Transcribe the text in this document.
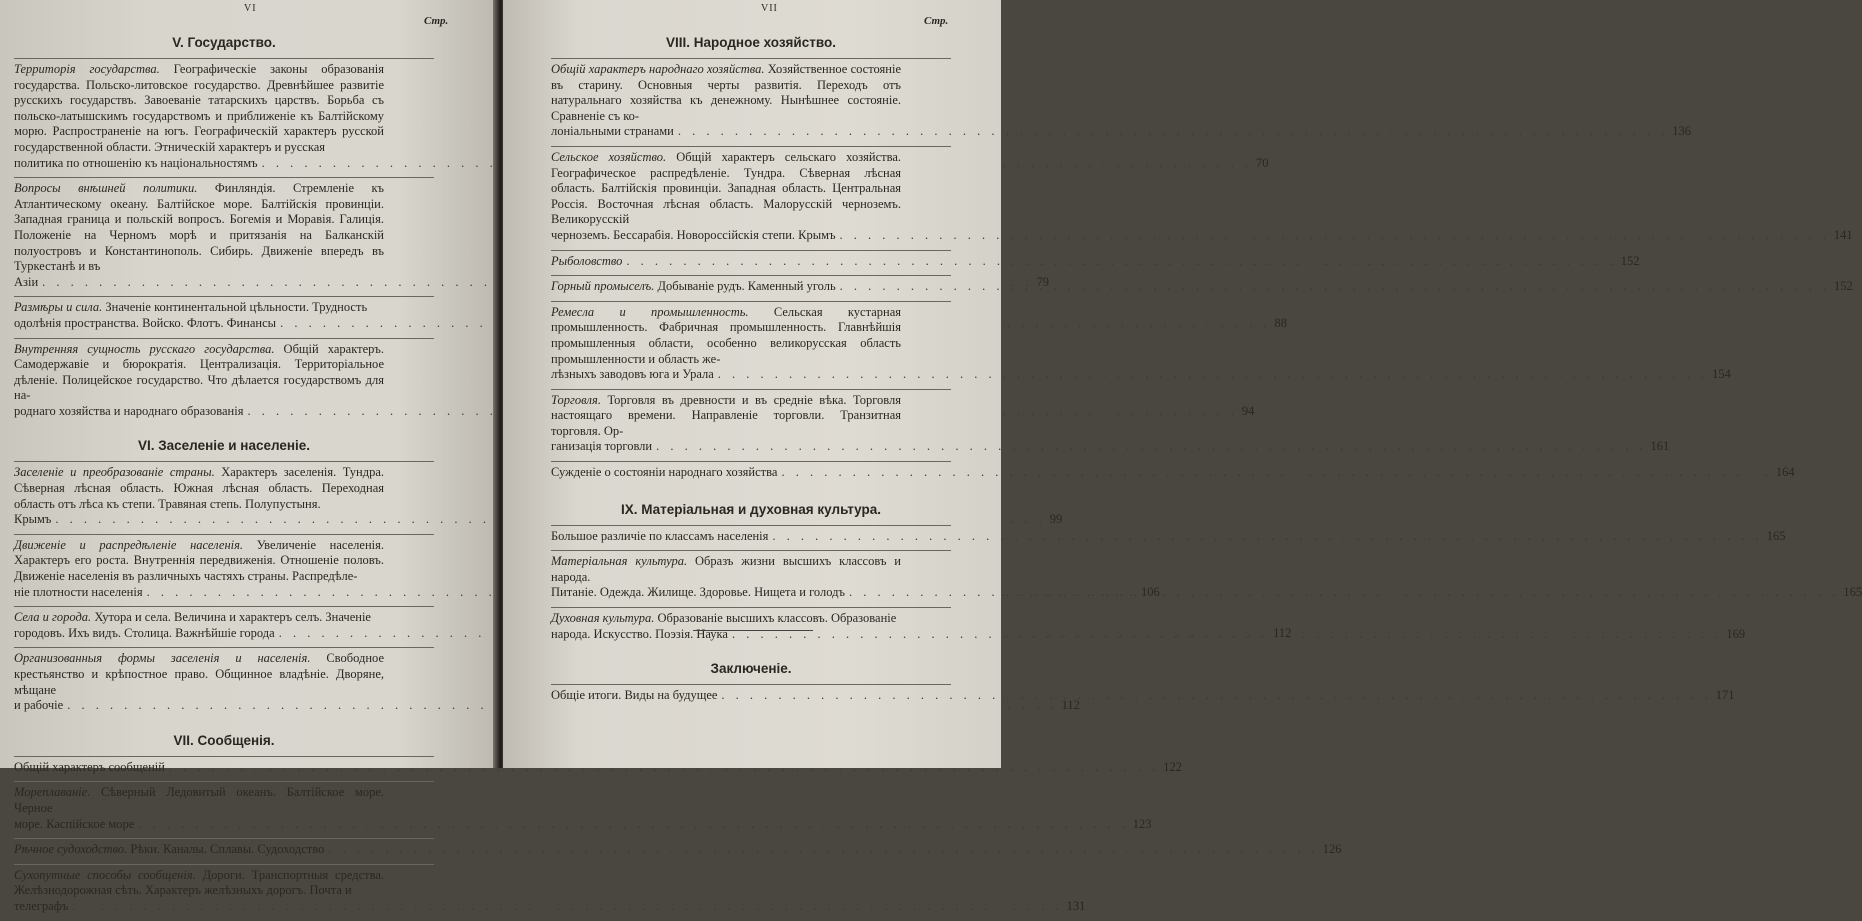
VI
Стр.
V. Государство.
Территорія государства. Географическіе законы образованія государства. Польско-литовское государство. Древнѣйшее развитіе русскихъ государствъ. Завоеваніе татарскихъ царствъ. Борьба съ польско-латышскимъ государствомъ и приближеніе къ Балтійскому морю. Распространеніе на югъ. Географическій характеръ русской государственной области. Этническій характеръ и русская
политика по отношенію къ національностямъ . . .	70
Вопросы внѣшней политики. Финляндія. Стремленіе къ Атлантическому океану. Балтійское море. Балтійскія провинціи. Западная граница и польскій вопросъ. Богемія и Моравія. Галиція. Положеніе на Черномъ морѣ и притязанія на Балканскій полуостровъ и Константинополь. Сибирь. Движеніе впередъ въ Туркестанѣ и въ
Азіи . . .	79
Размѣры и сила. Значеніе континентальной цѣльности. Трудность
одолѣнія пространства. Войско. Флотъ. Финансы . . .	88
Внутренняя сущность русскаго государства. Общій характеръ. Самодержавіе и бюрократія. Централизація. Территоріальное дѣленіе. Полицейское государство. Что дѣлается государствомъ для на-
роднаго хозяйства и народнаго образованія . . .	94
VI. Заселеніе и населеніе.
Заселеніе и преобразованіе страны. Характеръ заселенія. Тундра. Сѣверная лѣсная область. Южная лѣсная область. Переходная область отъ лѣса къ степи. Травяная степь. Полупустыня.
Крымъ . . .	99
Движеніе и распредѣленіе населенія. Увеличеніе населенія. Характеръ его роста. Внутреннія передвиженія. Отношеніе половъ. Движеніе населенія въ различныхъ частяхъ страны. Распредѣле-
ніе плотности населенія . . .	106
Села и города. Хутора и села. Величина и характеръ селъ. Значеніе
городовъ. Ихъ видъ. Столица. Важнѣйшіе города . . .	112
Организованныя формы заселенія и населенія. Свободное крестьянство и крѣпостное право. Общинное владѣніе. Дворяне, мѣщане
и рабочіе . . .	112
VII. Сообщенія.
Общій характеръ сообщеній . . .	122
Мореплаваніе. Сѣверный Ледовитый океанъ. Балтійское море. Черное
море. Каспійское море . . .	123
Рѣчное судоходство. Рѣки. Каналы. Сплавы. Судоходство . . .	126
Сухопутные способы сообщенія. Дороги. Транспортныя средства. Желѣзнодорожная сѣть. Характеръ желѣзныхъ дорогъ. Почта и
телеграфъ . . .	131
VII
Стр.
VIII. Народное хозяйство.
Общій характеръ народнаго хозяйства. Хозяйственное состояніе въ старину. Основныя черты развитія. Переходъ отъ натуральнаго хозяйства къ денежному. Нынѣшнее состояніе. Сравненіе съ ко-
лоніальными странами . . .	136
Сельское хозяйство. Общій характеръ сельскаго хозяйства. Географическое распредѣленіе. Тундра. Сѣверная лѣсная область. Балтійскія провинціи. Западная область. Центральная Россія. Восточная лѣсная область. Малорусскій черноземъ. Великорусскій
черноземъ. Бессарабія. Новороссійскія степи. Крымъ . . .	141
Рыболовство . . .	152
Горный промыселъ. Добываніе рудъ. Каменный уголь . . .	152
Ремесла и промышленность. Сельская кустарная промышленность. Фабричная промышленность. Главнѣйшія промышленныя области, особенно великорусская область промышленности и область же-
лѣзныхъ заводовъ юга и Урала . . .	154
Торговля. Торговля въ древности и въ средніе вѣка. Торговля настоящаго времени. Направленіе торговли. Транзитная торговля. Ор-
ганизація торговли . . .	161
Сужденіе о состояніи народнаго хозяйства . . .	164
IX. Матеріальная и духовная культура.
Большое различіе по классамъ населенія . . .	165
Матеріальная культура. Образъ жизни высшихъ классовъ и народа.
Питаніе. Одежда. Жилище. Здоровье. Нищета и голодъ . . .	165
Духовная культура. Образованіе высшихъ классовъ. Образованіе
народа. Искусство. Поэзія. Наука . . .	169
Заключеніе.
Общіе итоги. Виды на будущее . . .	171
